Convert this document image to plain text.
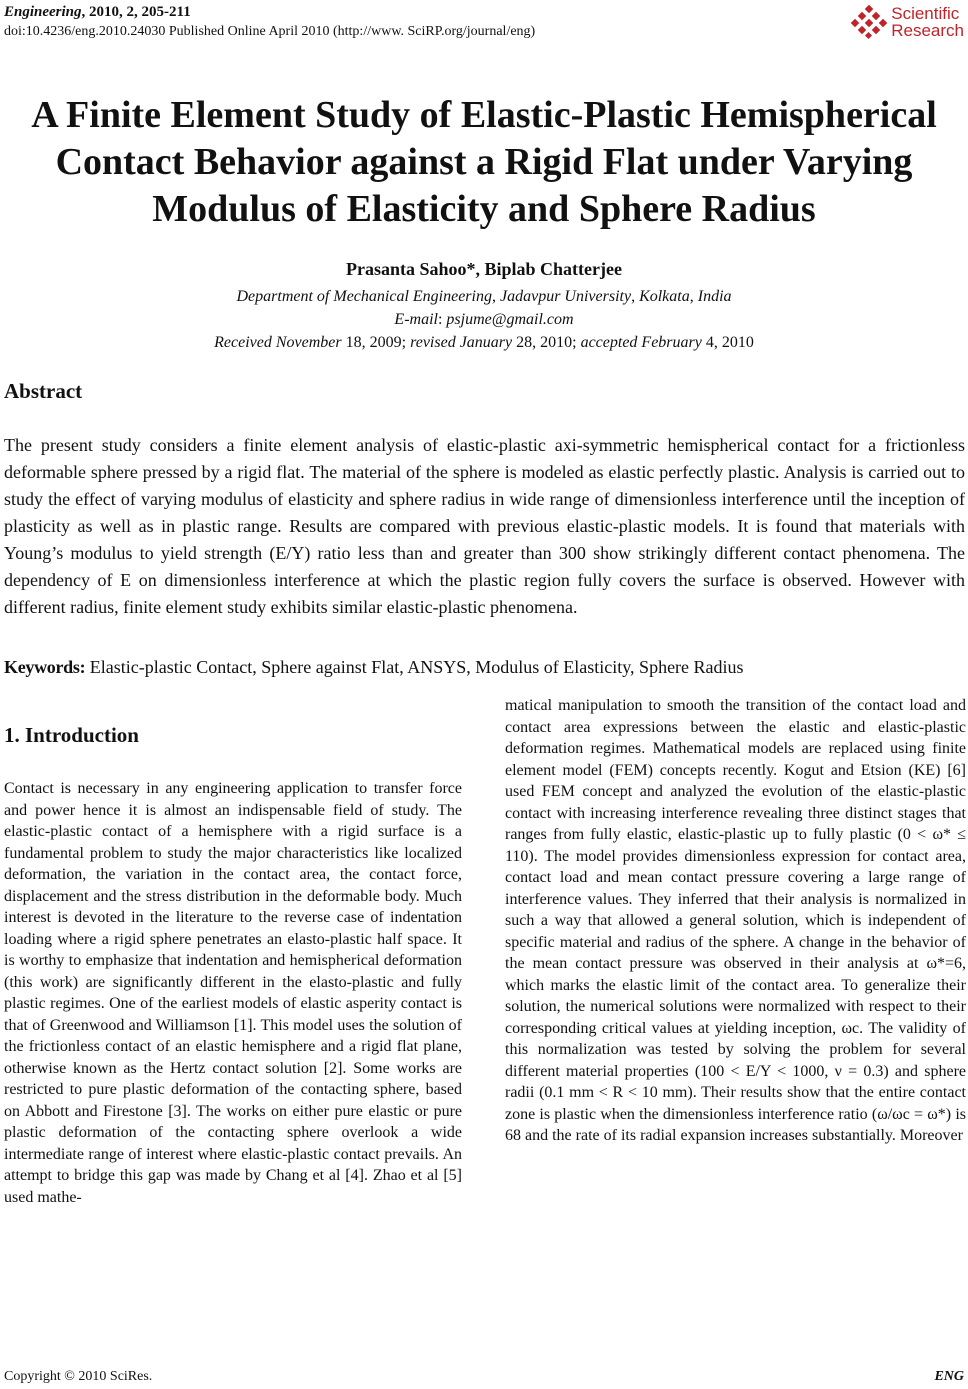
Engineering, 2010, 2, 205-211
doi:10.4236/eng.2010.24030 Published Online April 2010 (http://www. SciRP.org/journal/eng)
Scientific
Research
A Finite Element Study of Elastic-Plastic Hemispherical
Contact Behavior against a Rigid Flat under Varying
Modulus of Elasticity and Sphere Radius
Prasanta Sahoo*, Biplab Chatterjee
Department of Mechanical Engineering, Jadavpur University, Kolkata, India
E-mail: psjume@gmail.com
Received November 18, 2009; revised January 28, 2010; accepted February 4, 2010
Abstract
The present study considers a finite element analysis of elastic-plastic axi-symmetric hemispherical contact for a frictionless deformable sphere pressed by a rigid flat. The material of the sphere is modeled as elastic perfectly plastic. Analysis is carried out to study the effect of varying modulus of elasticity and sphere radius in wide range of dimensionless interference until the inception of plasticity as well as in plastic range. Results are compared with previous elastic-plastic models. It is found that materials with Young’s modulus to yield strength (E/Y) ratio less than and greater than 300 show strikingly different contact phenomena. The dependency of E on dimensionless interference at which the plastic region fully covers the surface is observed. However with different radius, finite element study exhibits similar elastic-plastic phenomena.
Keywords: Elastic-plastic Contact, Sphere against Flat, ANSYS, Modulus of Elasticity, Sphere Radius
1. Introduction
Contact is necessary in any engineering application to transfer force and power hence it is almost an indispensable field of study. The elastic-plastic contact of a hemisphere with a rigid surface is a fundamental problem to study the major characteristics like localized deformation, the variation in the contact area, the contact force, displacement and the stress distribution in the deformable body. Much interest is devoted in the literature to the reverse case of indentation loading where a rigid sphere penetrates an elasto-plastic half space. It is worthy to emphasize that indentation and hemispherical deformation (this work) are significantly different in the elasto-plastic and fully plastic regimes. One of the earliest models of elastic asperity contact is that of Greenwood and Williamson [1]. This model uses the solution of the frictionless contact of an elastic hemisphere and a rigid flat plane, otherwise known as the Hertz contact solution [2]. Some works are restricted to pure plastic deformation of the contacting sphere, based on Abbott and Firestone [3]. The works on either pure elastic or pure plastic deformation of the contacting sphere overlook a wide intermediate range of interest where elastic-plastic contact prevails. An attempt to bridge this gap was made by Chang et al [4]. Zhao et al [5] used mathe-
matical manipulation to smooth the transition of the contact load and contact area expressions between the elastic and elastic-plastic deformation regimes. Mathematical models are replaced using finite element model (FEM) concepts recently. Kogut and Etsion (KE) [6] used FEM concept and analyzed the evolution of the elastic-plastic contact with increasing interference revealing three distinct stages that ranges from fully elastic, elastic-plastic up to fully plastic (0 < ω* ≤ 110). The model provides dimensionless expression for contact area, contact load and mean contact pressure covering a large range of interference values. They inferred that their analysis is normalized in such a way that allowed a general solution, which is independent of specific material and radius of the sphere. A change in the behavior of the mean contact pressure was observed in their analysis at ω*=6, which marks the elastic limit of the contact area. To generalize their solution, the numerical solutions were normalized with respect to their corresponding critical values at yielding inception, ωc. The validity of this normalization was tested by solving the problem for several different material properties (100 < E/Y < 1000, ν = 0.3) and sphere radii (0.1 mm < R < 10 mm). Their results show that the entire contact zone is plastic when the dimensionless interference ratio (ω/ωc = ω*) is 68 and the rate of its radial expansion increases substantially. Moreover
Copyright © 2010 SciRes.	ENG
